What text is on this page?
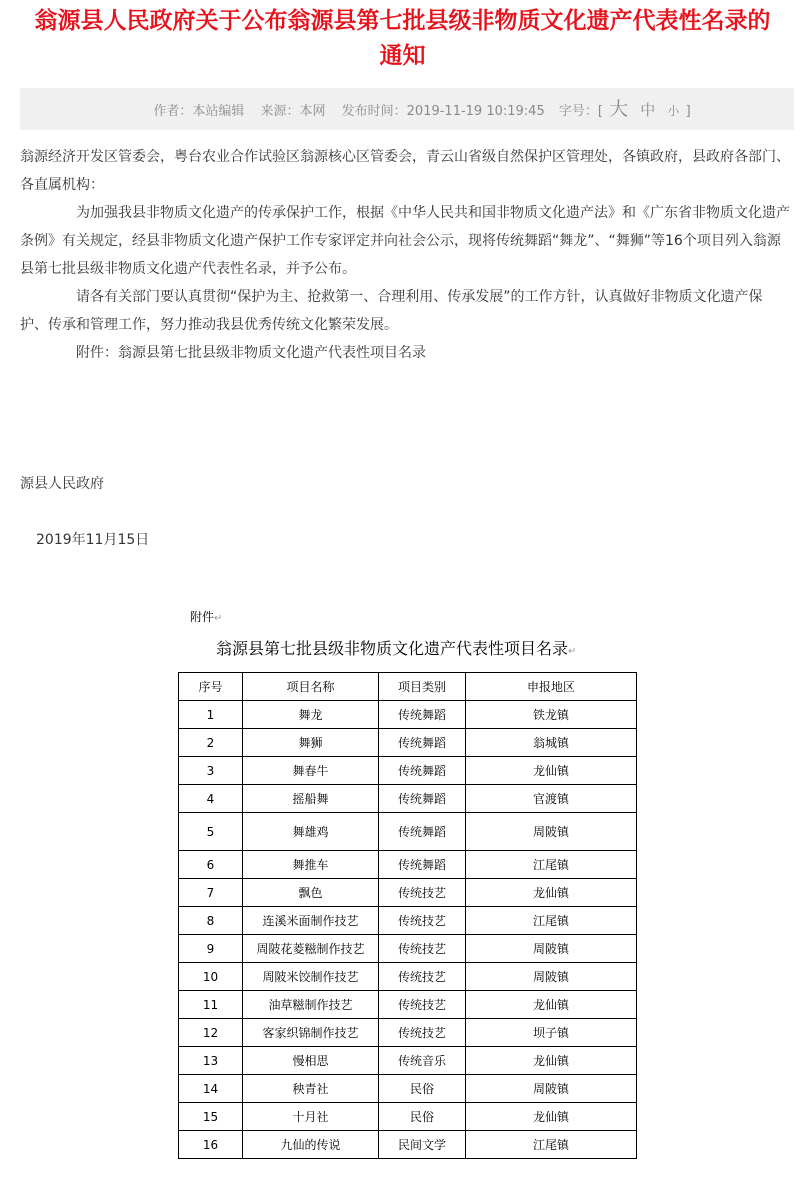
翁源县人民政府关于公布翁源县第七批县级非物质文化遗产代表性名录的
通知
作者：本站编辑 来源：本网 发布时间：2019-11-19 10:19:45 字号：[ 大 中 小 ]

翁源经济开发区管委会，粤台农业合作试验区翁源核心区管委会，青云山省级自然保护区管理处，各镇政府，县政府各部门、各直属机构：

为加强我县非物质文化遗产的传承保护工作，根据《中华人民共和国非物质文化遗产法》和《广东省非物质文化遗产条例》有关规定，经县非物质文化遗产保护工作专家评定并向社会公示，现将传统舞蹈“舞龙”、“舞狮”等16个项目列入翁源县第七批县级非物质文化遗产代表性名录，并予公布。

请各有关部门要认真贯彻“保护为主、抢救第一、合理利用、传承发展”的工作方针，认真做好非物质文化遗产保护、传承和管理工作，努力推动我县优秀传统文化繁荣发展。

附件：翁源县第七批县级非物质文化遗产代表性项目名录

源县人民政府
2019年11月15日
附件↵
翁源县第七批县级非物质文化遗产代表性项目名录↵
序号	项目名称	项目类别	申报地区
1	舞龙	传统舞蹈	铁龙镇
2	舞狮	传统舞蹈	翁城镇
3	舞春牛	传统舞蹈	龙仙镇
4	摇船舞	传统舞蹈	官渡镇
5	舞雄鸡	传统舞蹈	周陂镇
6	舞推车	传统舞蹈	江尾镇
7	飘色	传统技艺	龙仙镇
8	连溪米面制作技艺	传统技艺	江尾镇
9	周陂花菱糍制作技艺	传统技艺	周陂镇
10	周陂米饺制作技艺	传统技艺	周陂镇
11	油草糍制作技艺	传统技艺	龙仙镇
12	客家织锦制作技艺	传统技艺	坝子镇
13	慢相思	传统音乐	龙仙镇
14	秧青社	民俗	周陂镇
15	十月社	民俗	龙仙镇
16	九仙的传说	民间文学	江尾镇
